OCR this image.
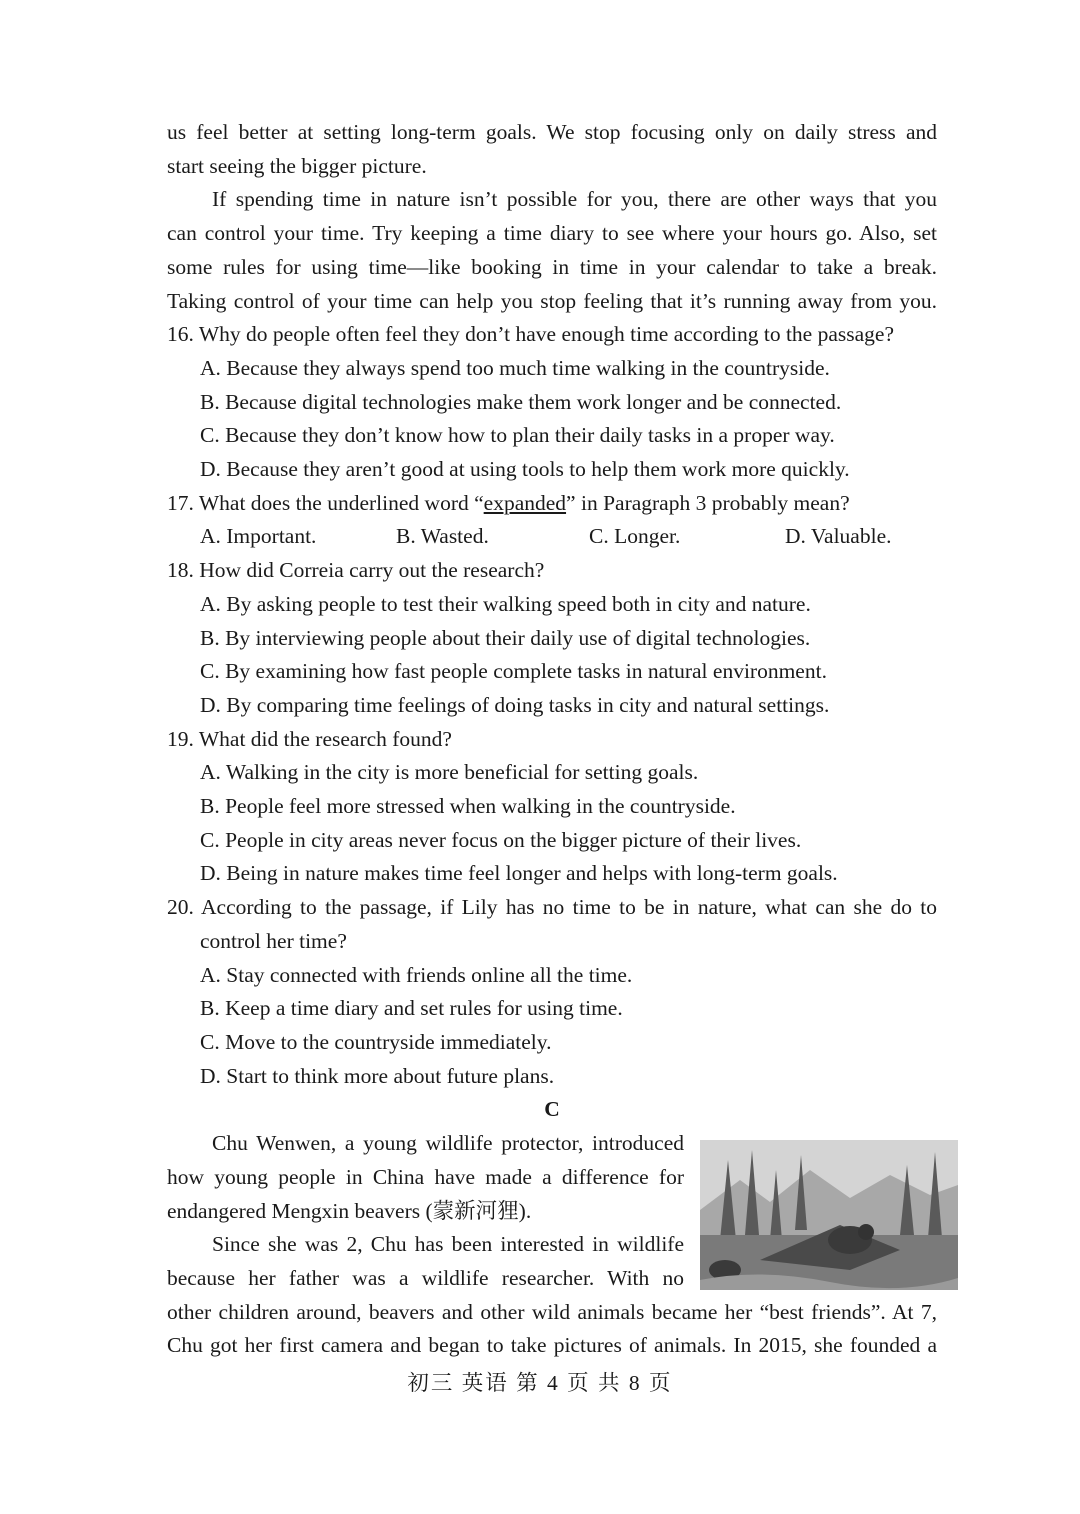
us feel better at setting long-term goals. We stop focusing only on daily stress and
start seeing the bigger picture.
If spending time in nature isn’t possible for you, there are other ways that you
can control your time. Try keeping a time diary to see where your hours go. Also, set
some rules for using time—like booking in time in your calendar to take a break.
Taking control of your time can help you stop feeling that it’s running away from you.
16. Why do people often feel they don’t have enough time according to the passage?
A. Because they always spend too much time walking in the countryside.
B. Because digital technologies make them work longer and be connected.
C. Because they don’t know how to plan their daily tasks in a proper way.
D. Because they aren’t good at using tools to help them work more quickly.
17. What does the underlined word “expanded” in Paragraph 3 probably mean?
A. Important.	B. Wasted.	C. Longer.	D. Valuable.
18. How did Correia carry out the research?
A. By asking people to test their walking speed both in city and nature.
B. By interviewing people about their daily use of digital technologies.
C. By examining how fast people complete tasks in natural environment.
D. By comparing time feelings of doing tasks in city and natural settings.
19. What did the research found?
A. Walking in the city is more beneficial for setting goals.
B. People feel more stressed when walking in the countryside.
C. People in city areas never focus on the bigger picture of their lives.
D. Being in nature makes time feel longer and helps with long-term goals.
20. According to the passage, if Lily has no time to be in nature, what can she do to
control her time?
A. Stay connected with friends online all the time.
B. Keep a time diary and set rules for using time.
C. Move to the countryside immediately.
D. Start to think more about future plans.
C
Chu Wenwen, a young wildlife protector, introduced
how young people in China have made a difference for
endangered Mengxin beavers (蒙新河狸).
Since she was 2, Chu has been interested in wildlife
because her father was a wildlife researcher. With no
other children around, beavers and other wild animals became her “best friends”. At 7,
Chu got her first camera and began to take pictures of animals. In 2015, she founded a
初三 英语 第 4 页 共 8 页
